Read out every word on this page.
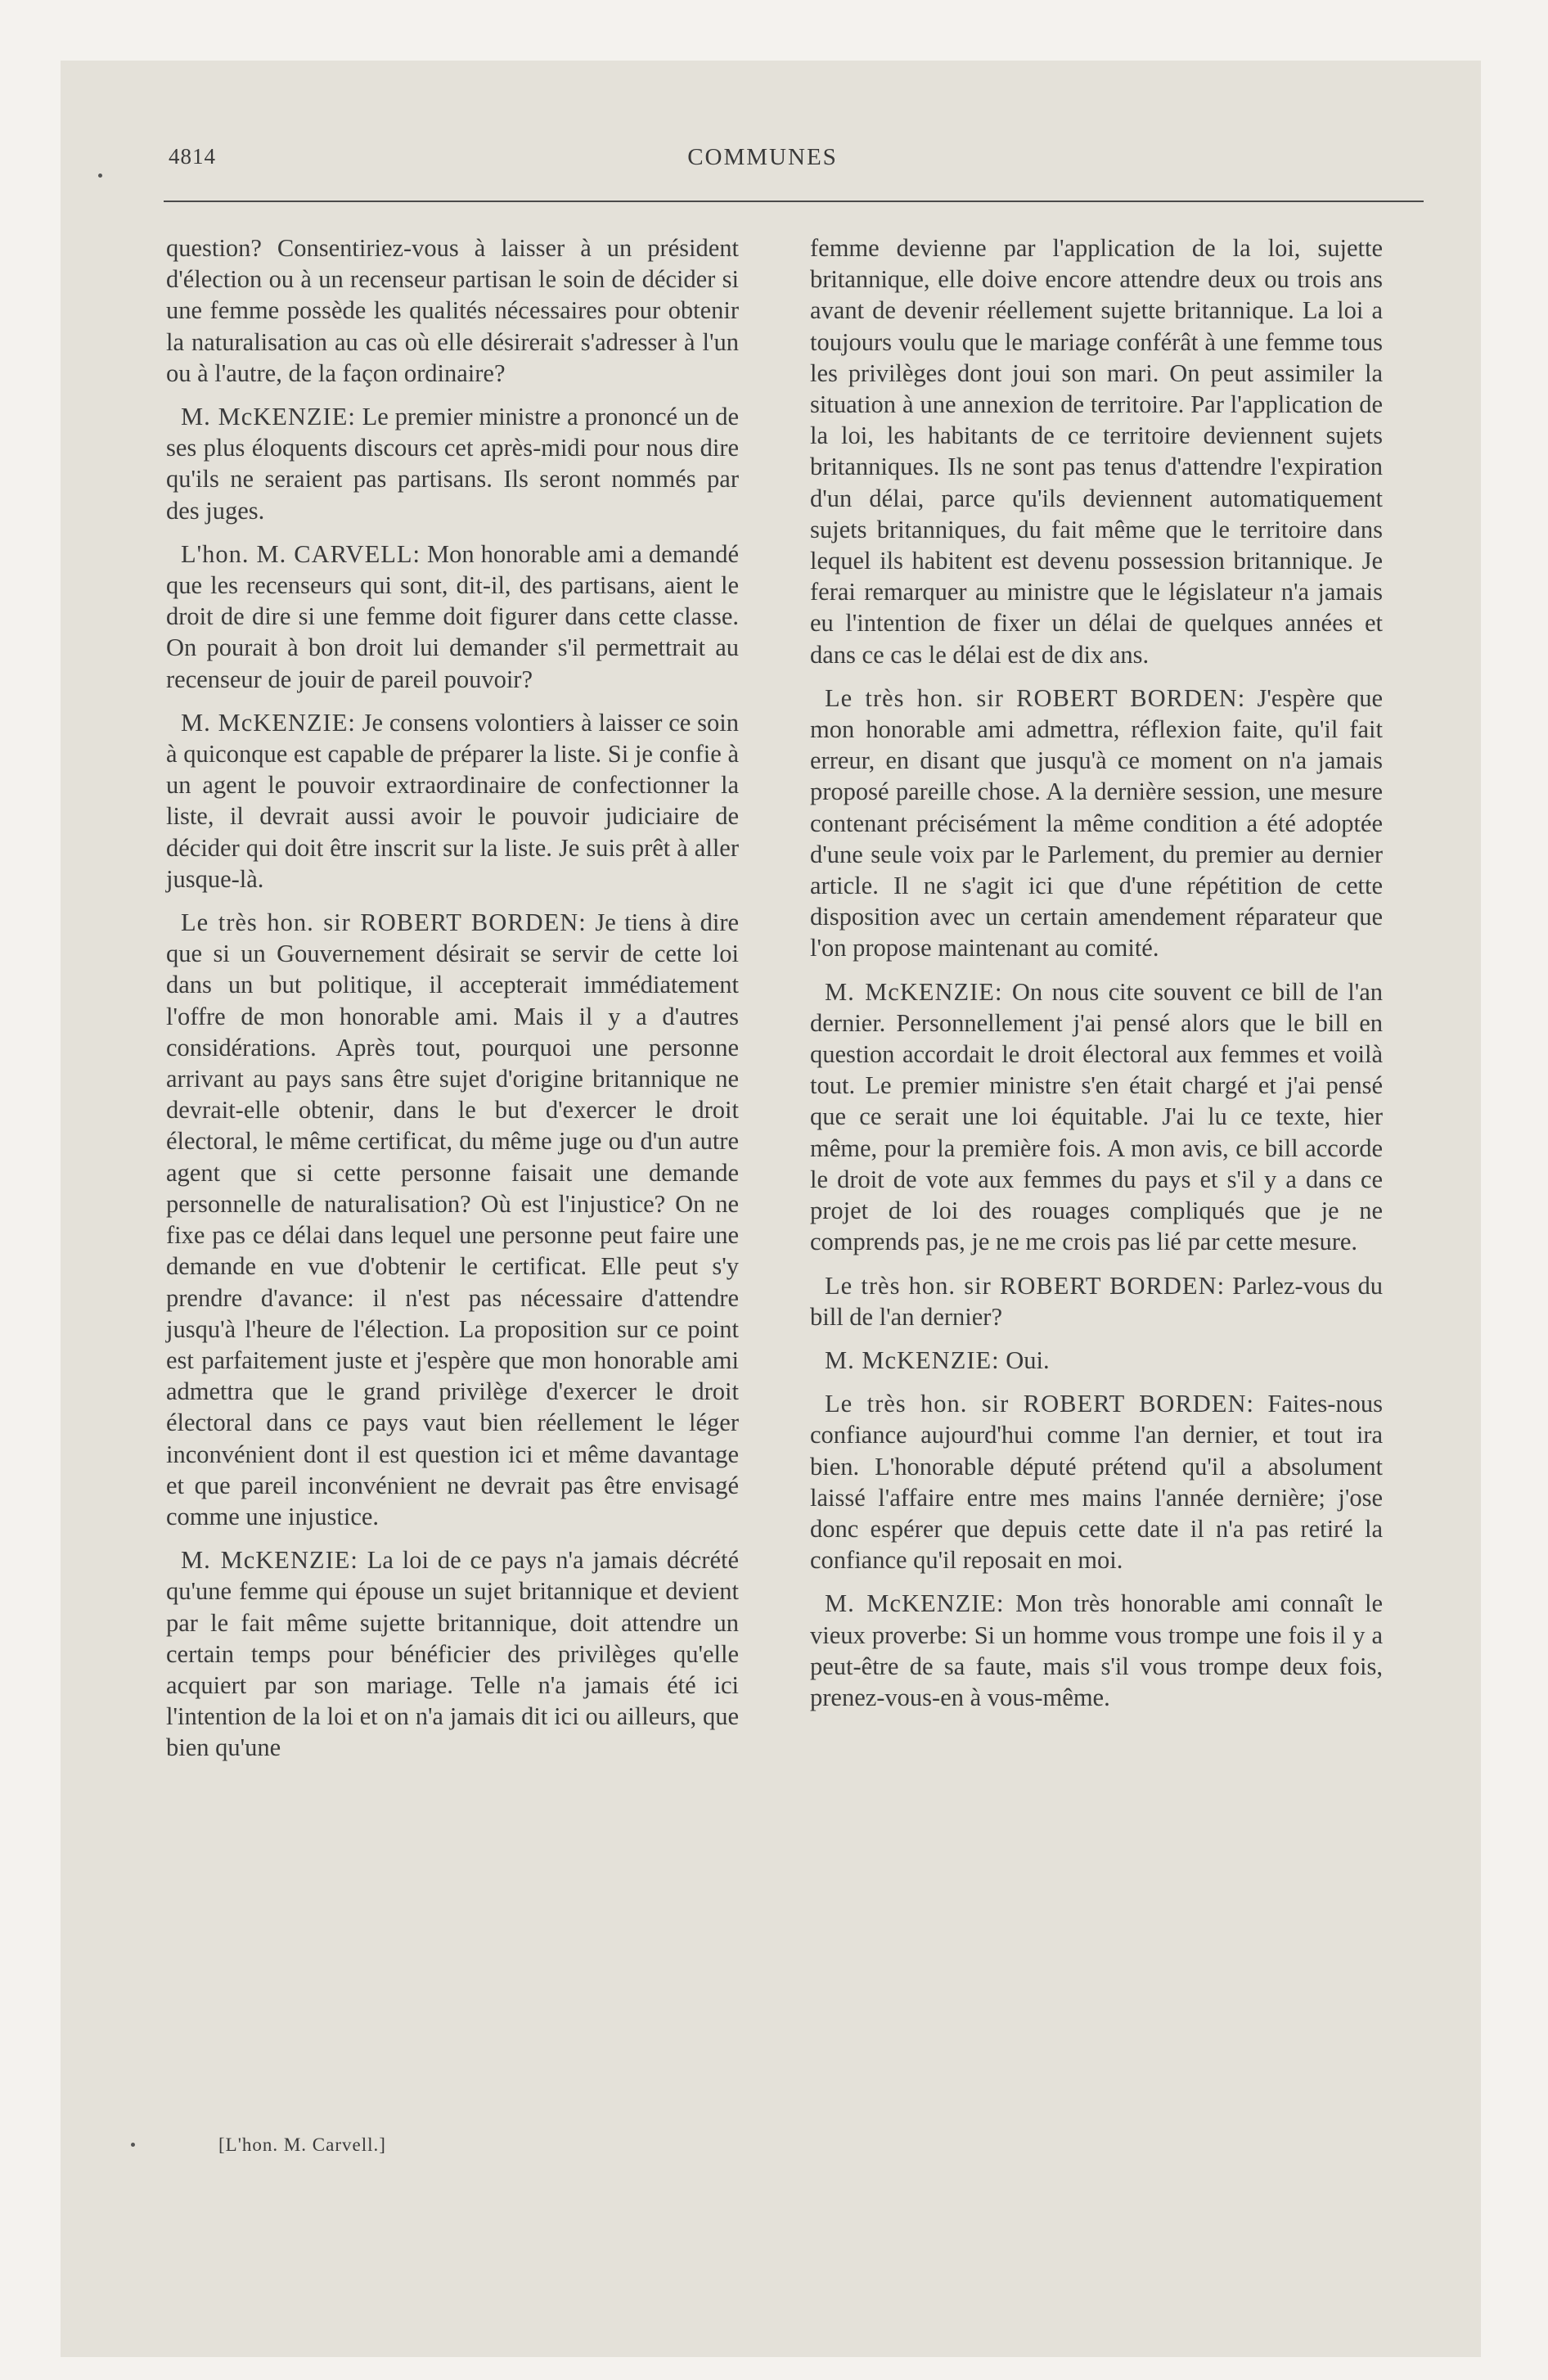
4814	COMMUNES

question? Consentiriez-vous à laisser à un président d'élection ou à un recenseur partisan le soin de décider si une femme possède les qualités nécessaires pour obtenir la naturalisation au cas où elle désirerait s'adresser à l'un ou à l'autre, de la façon ordinaire?

M. McKENZIE: Le premier ministre a prononcé un de ses plus éloquents discours cet après-midi pour nous dire qu'ils ne seraient pas partisans. Ils seront nommés par des juges.

L'hon. M. CARVELL: Mon honorable ami a demandé que les recenseurs qui sont, dit-il, des partisans, aient le droit de dire si une femme doit figurer dans cette classe. On pourait à bon droit lui demander s'il permettrait au recenseur de jouir de pareil pouvoir?

M. McKENZIE: Je consens volontiers à laisser ce soin à quiconque est capable de préparer la liste. Si je confie à un agent le pouvoir extraordinaire de confectionner la liste, il devrait aussi avoir le pouvoir judiciaire de décider qui doit être inscrit sur la liste. Je suis prêt à aller jusque-là.

Le très hon. sir ROBERT BORDEN: Je tiens à dire que si un Gouvernement désirait se servir de cette loi dans un but politique, il accepterait immédiatement l'offre de mon honorable ami. Mais il y a d'autres considérations. Après tout, pourquoi une personne arrivant au pays sans être sujet d'origine britannique ne devrait-elle obtenir, dans le but d'exercer le droit électoral, le même certificat, du même juge ou d'un autre agent que si cette personne faisait une demande personnelle de naturalisation? Où est l'injustice? On ne fixe pas ce délai dans lequel une personne peut faire une demande en vue d'obtenir le certificat. Elle peut s'y prendre d'avance: il n'est pas nécessaire d'attendre jusqu'à l'heure de l'élection. La proposition sur ce point est parfaitement juste et j'espère que mon honorable ami admettra que le grand privilège d'exercer le droit électoral dans ce pays vaut bien réellement le léger inconvénient dont il est question ici et même davantage et que pareil inconvénient ne devrait pas être envisagé comme une injustice.

M. McKENZIE: La loi de ce pays n'a jamais décrété qu'une femme qui épouse un sujet britannique et devient par le fait même sujette britannique, doit attendre un certain temps pour bénéficier des privilèges qu'elle acquiert par son mariage. Telle n'a jamais été ici l'intention de la loi et on n'a jamais dit ici ou ailleurs, que bien qu'une

femme devienne par l'application de la loi, sujette britannique, elle doive encore attendre deux ou trois ans avant de devenir réellement sujette britannique. La loi a toujours voulu que le mariage conférât à une femme tous les privilèges dont joui son mari. On peut assimiler la situation à une annexion de territoire. Par l'application de la loi, les habitants de ce territoire deviennent sujets britanniques. Ils ne sont pas tenus d'attendre l'expiration d'un délai, parce qu'ils deviennent automatiquement sujets britanniques, du fait même que le territoire dans lequel ils habitent est devenu possession britannique. Je ferai remarquer au ministre que le législateur n'a jamais eu l'intention de fixer un délai de quelques années et dans ce cas le délai est de dix ans.

Le très hon. sir ROBERT BORDEN: J'espère que mon honorable ami admettra, réflexion faite, qu'il fait erreur, en disant que jusqu'à ce moment on n'a jamais proposé pareille chose. A la dernière session, une mesure contenant précisément la même condition a été adoptée d'une seule voix par le Parlement, du premier au dernier article. Il ne s'agit ici que d'une répétition de cette disposition avec un certain amendement réparateur que l'on propose maintenant au comité.

M. McKENZIE: On nous cite souvent ce bill de l'an dernier. Personnellement j'ai pensé alors que le bill en question accordait le droit électoral aux femmes et voilà tout. Le premier ministre s'en était chargé et j'ai pensé que ce serait une loi équitable. J'ai lu ce texte, hier même, pour la première fois. A mon avis, ce bill accorde le droit de vote aux femmes du pays et s'il y a dans ce projet de loi des rouages compliqués que je ne comprends pas, je ne me crois pas lié par cette mesure.

Le très hon. sir ROBERT BORDEN: Parlez-vous du bill de l'an dernier?

M. McKENZIE: Oui.

Le très hon. sir ROBERT BORDEN: Faites-nous confiance aujourd'hui comme l'an dernier, et tout ira bien. L'honorable député prétend qu'il a absolument laissé l'affaire entre mes mains l'année dernière; j'ose donc espérer que depuis cette date il n'a pas retiré la confiance qu'il reposait en moi.

M. McKENZIE: Mon très honorable ami connaît le vieux proverbe: Si un homme vous trompe une fois il y a peut-être de sa faute, mais s'il vous trompe deux fois, prenez-vous-en à vous-même.

[L'hon. M. Carvell.]
